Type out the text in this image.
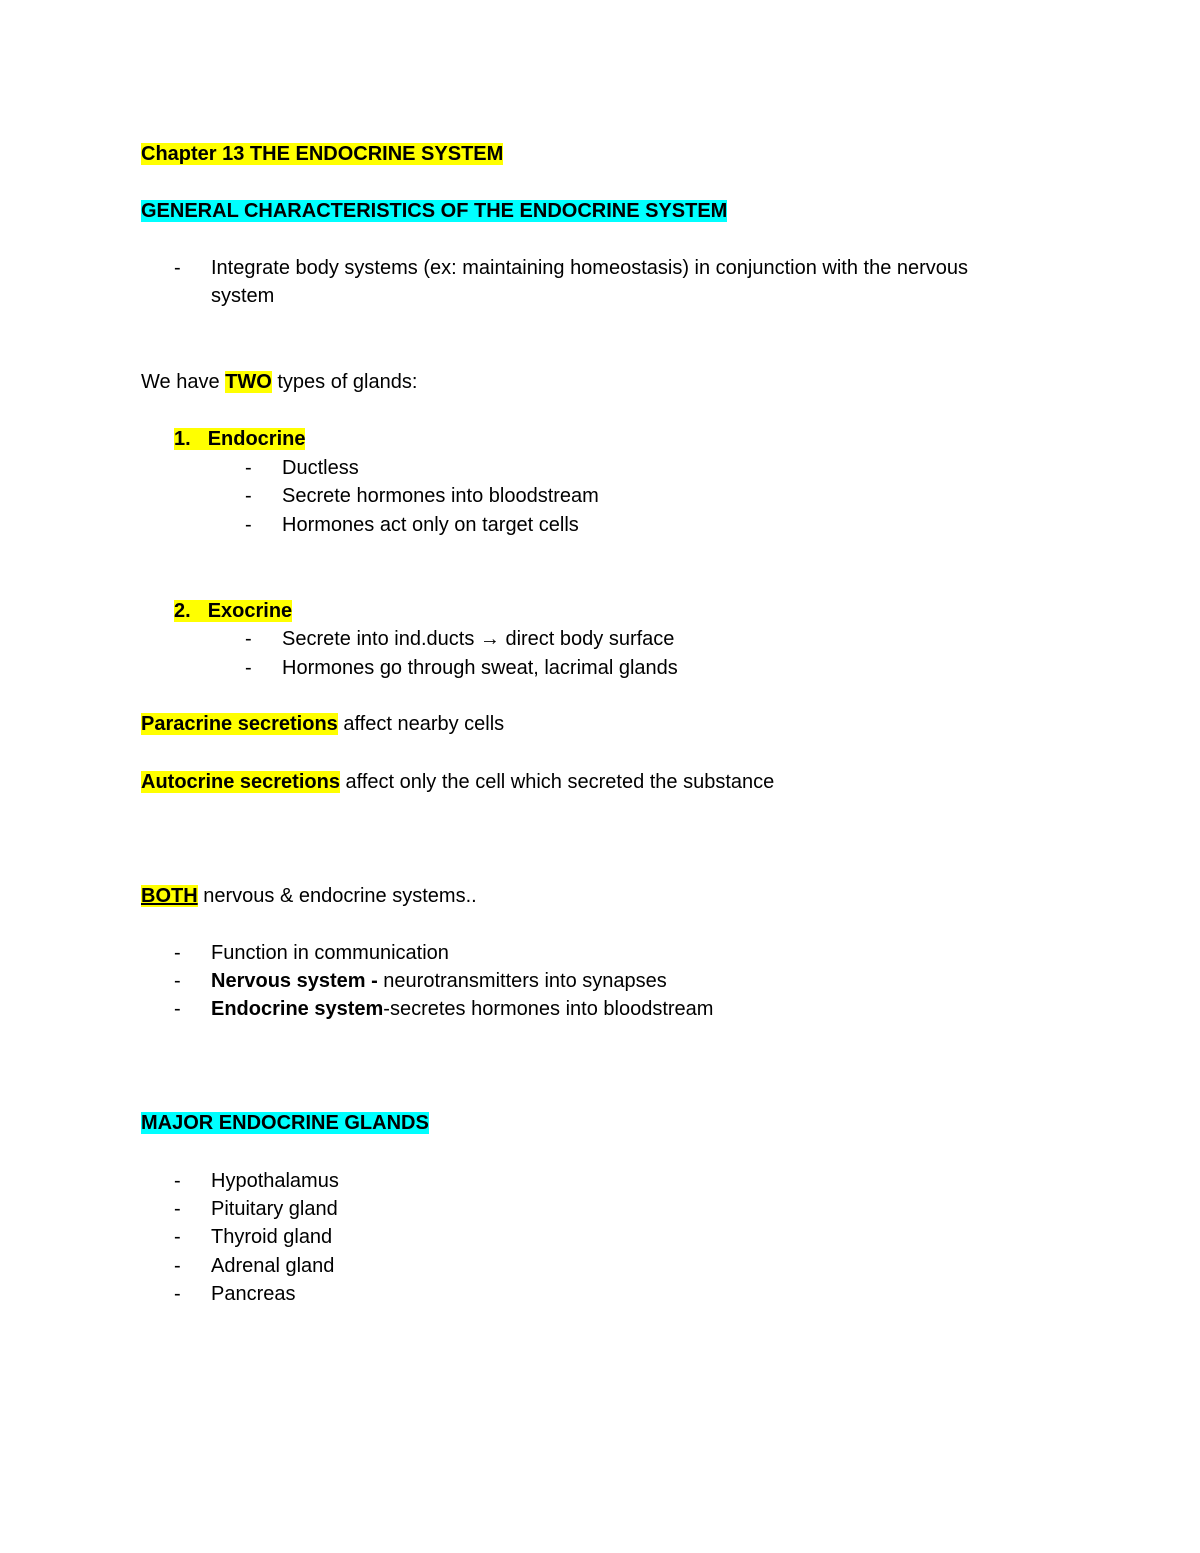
Chapter 13 THE ENDOCRINE SYSTEM
GENERAL CHARACTERISTICS OF THE ENDOCRINE SYSTEM
- Integrate body systems (ex: maintaining homeostasis) in conjunction with the nervous
system
We have TWO types of glands:
1. Endocrine
- Ductless
- Secrete hormones into bloodstream
- Hormones act only on target cells
2. Exocrine
- Secrete into ind.ducts → direct body surface
- Hormones go through sweat, lacrimal glands
Paracrine secretions affect nearby cells
Autocrine secretions affect only the cell which secreted the substance
BOTH nervous & endocrine systems..
- Function in communication
- Nervous system - neurotransmitters into synapses
- Endocrine system-secretes hormones into bloodstream
MAJOR ENDOCRINE GLANDS
- Hypothalamus
- Pituitary gland
- Thyroid gland
- Adrenal gland
- Pancreas
